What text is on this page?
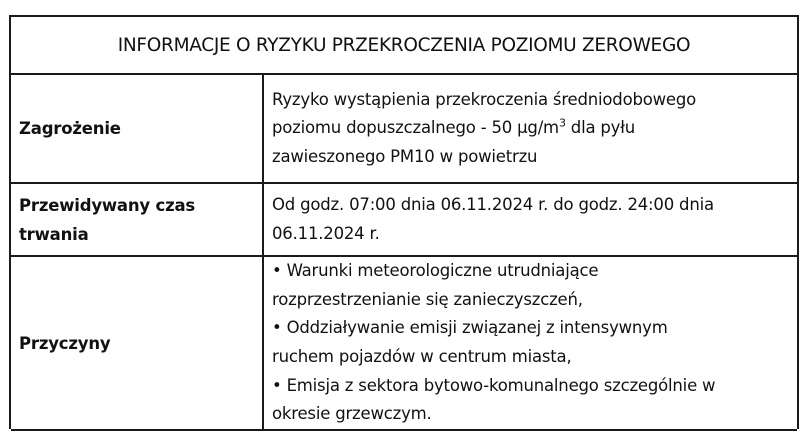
INFORMACJE O RYZYKU PRZEKROCZENIA POZIOMU ZEROWEGO
Zagrożenie
Ryzyko wystąpienia przekroczenia średniodobowego
poziomu dopuszczalnego - 50 $\mu g/m^3$ dla pyłu
zawieszonego PM10 w powietrzu
Przewidywany czas
trwania
Od godz. 07:00 dnia 06.11.2024 r. do godz. 24:00 dnia
06.11.2024 r.
Przyczyny
• Warunki meteorologiczne utrudniające
rozprzestrzenianie się zanieczyszczeń,
• Oddziaływanie emisji związanej z intensywnym
ruchem pojazdów w centrum miasta,
• Emisja z sektora bytowo-komunalnego szczególnie w
okresie grzewczym.
